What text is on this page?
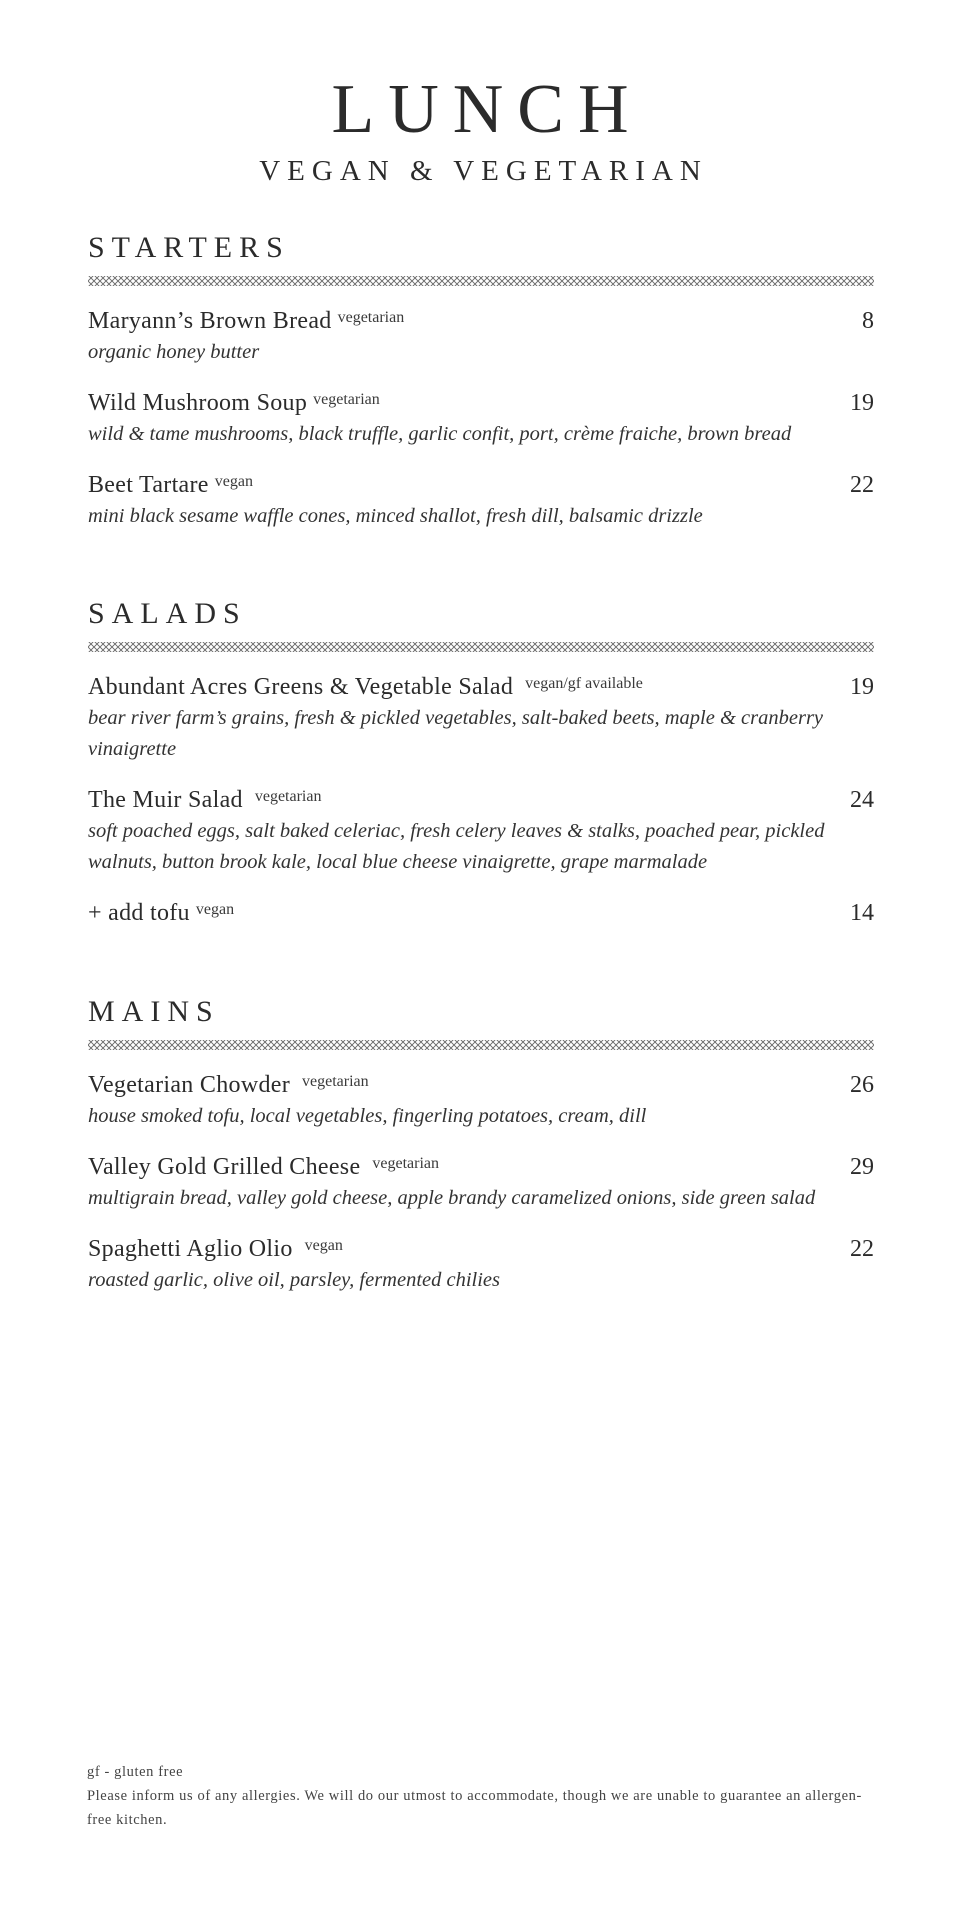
LUNCH
VEGAN & VEGETARIAN
STARTERS
Maryann’s Brown Bread vegetarian	8
organic honey butter
Wild Mushroom Soup vegetarian	19
wild & tame mushrooms, black truffle, garlic confit, port, crème fraiche, brown bread
Beet Tartare vegan	22
mini black sesame waffle cones, minced shallot, fresh dill, balsamic drizzle
SALADS
Abundant Acres Greens & Vegetable Salad vegan/gf available	19
bear river farm’s grains, fresh & pickled vegetables, salt-baked beets, maple & cranberry vinaigrette
The Muir Salad vegetarian	24
soft poached eggs, salt baked celeriac, fresh celery leaves & stalks, poached pear, pickled walnuts, button brook kale, local blue cheese vinaigrette, grape marmalade
+ add tofu vegan	14
MAINS
Vegetarian Chowder vegetarian	26
house smoked tofu, local vegetables, fingerling potatoes, cream, dill
Valley Gold Grilled Cheese vegetarian	29
multigrain bread, valley gold cheese, apple brandy caramelized onions, side green salad
Spaghetti Aglio Olio vegan	22
roasted garlic, olive oil, parsley, fermented chilies
gf - gluten free
Please inform us of any allergies. We will do our utmost to accommodate, though we are unable to guarantee an allergen-free kitchen.
